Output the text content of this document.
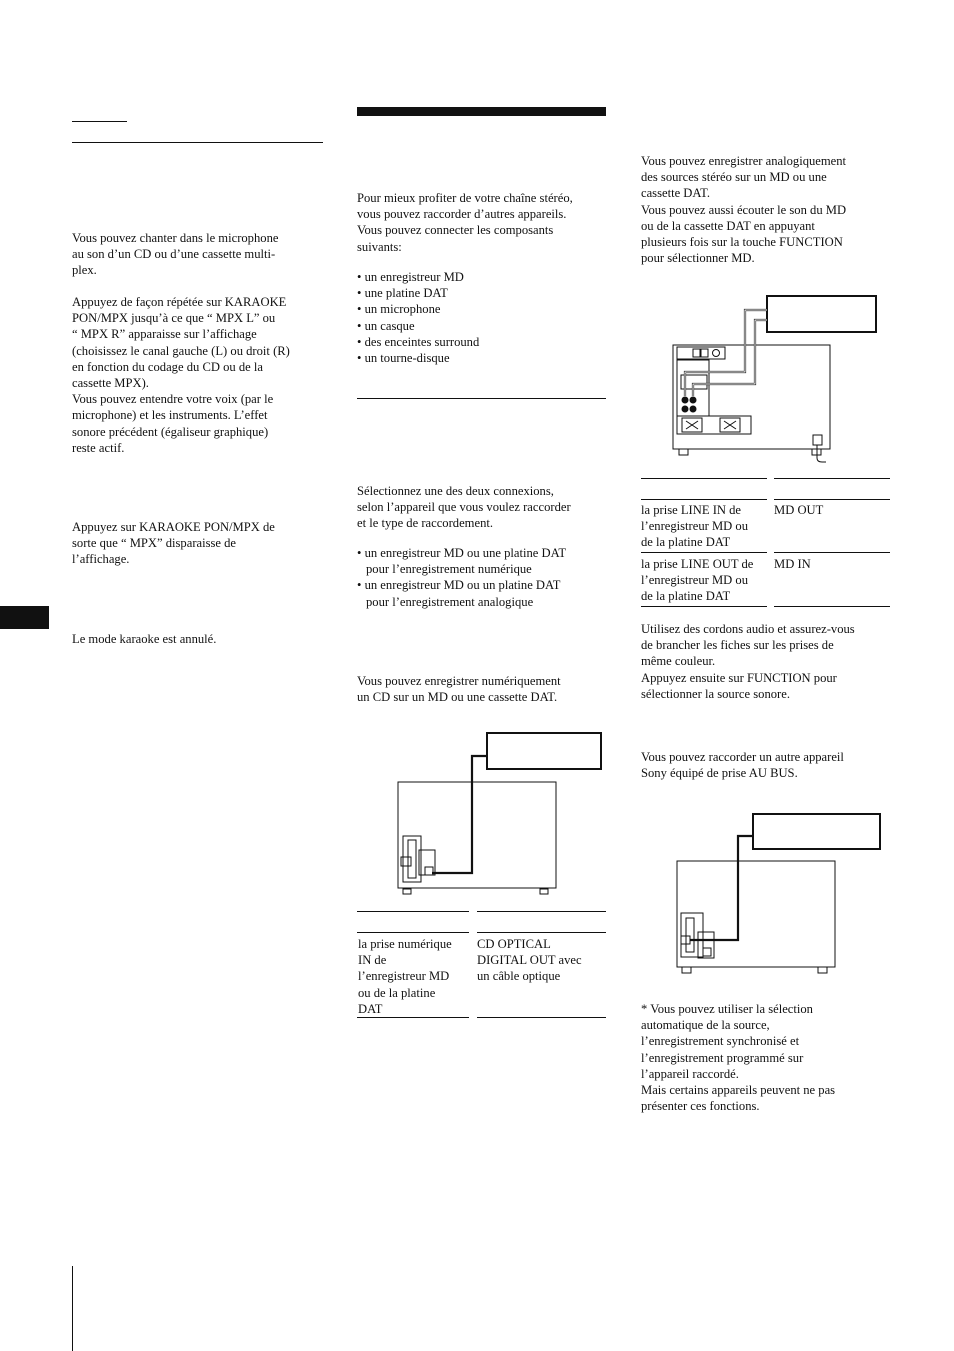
Vous pouvez chanter dans le microphone
au son d’un CD ou d’une cassette multi-
plex.

Appuyez de façon répétée sur KARAOKE
PON/MPX jusqu’à ce que “ MPX L” ou
“ MPX R” apparaisse sur l’affichage
(choisissez le canal gauche (L) ou droit (R)
en fonction du codage du CD ou de la
cassette MPX).
Vous pouvez entendre votre voix (par le
microphone) et les instruments. L’effet
sonore précédent (égaliseur graphique)
reste actif.

Appuyez sur KARAOKE PON/MPX de
sorte que “ MPX” disparaisse de
l’affichage.

Le mode karaoke est annulé.

Pour mieux profiter de votre chaîne stéréo,
vous pouvez raccorder d’autres appareils.
Vous pouvez connecter les composants
suivants:

• un enregistreur MD
• une platine DAT
• un microphone
• un casque
• des enceintes surround
• un tourne-disque

Sélectionnez une des deux connexions,
selon l’appareil que vous voulez raccorder
et le type de raccordement.

• un enregistreur MD ou une platine DAT
pour l’enregistrement numérique
• un enregistreur MD ou un platine DAT
pour l’enregistrement analogique

Vous pouvez enregistrer numériquement
un CD sur un MD ou une cassette DAT.

la prise numérique
IN de
l’enregistreur MD
ou de la platine
DAT
CD OPTICAL
DIGITAL OUT avec
un câble optique

Vous pouvez enregistrer analogiquement
des sources stéréo sur un MD ou une
cassette DAT.
Vous pouvez aussi écouter le son du MD
ou de la cassette DAT en appuyant
plusieurs fois sur la touche FUNCTION
pour sélectionner MD.

la prise LINE IN de
l’enregistreur MD ou
de la platine DAT
MD OUT
la prise LINE OUT de
l’enregistreur MD ou
de la platine DAT
MD IN

Utilisez des cordons audio et assurez-vous
de brancher les fiches sur les prises de
même couleur.
Appuyez ensuite sur FUNCTION pour
sélectionner la source sonore.

Vous pouvez raccorder un autre appareil
Sony équipé de prise AU BUS.

* Vous pouvez utiliser la sélection
automatique de la source,
l’enregistrement synchronisé et
l’enregistrement programmé sur
l’appareil raccordé.
Mais certains appareils peuvent ne pas
présenter ces fonctions.
